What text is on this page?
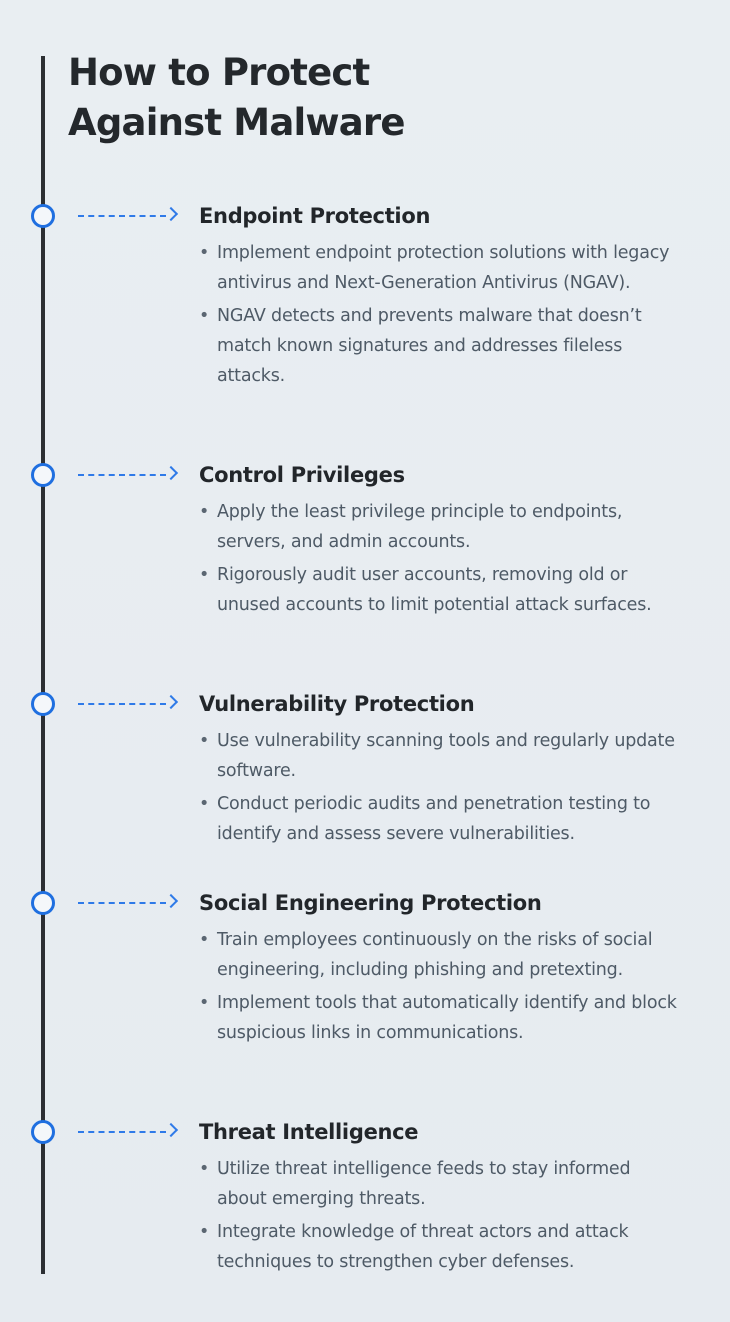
How to Protect
Against Malware
Endpoint Protection
• Implement endpoint protection solutions with legacy antivirus and Next-Generation Antivirus (NGAV).
• NGAV detects and prevents malware that doesn’t match known signatures and addresses fileless attacks.
Control Privileges
• Apply the least privilege principle to endpoints, servers, and admin accounts.
• Rigorously audit user accounts, removing old or unused accounts to limit potential attack surfaces.
Vulnerability Protection
• Use vulnerability scanning tools and regularly update software.
• Conduct periodic audits and penetration testing to identify and assess severe vulnerabilities.
Social Engineering Protection
• Train employees continuously on the risks of social engineering, including phishing and pretexting.
• Implement tools that automatically identify and block suspicious links in communications.
Threat Intelligence
• Utilize threat intelligence feeds to stay informed about emerging threats.
• Integrate knowledge of threat actors and attack techniques to strengthen cyber defenses.
